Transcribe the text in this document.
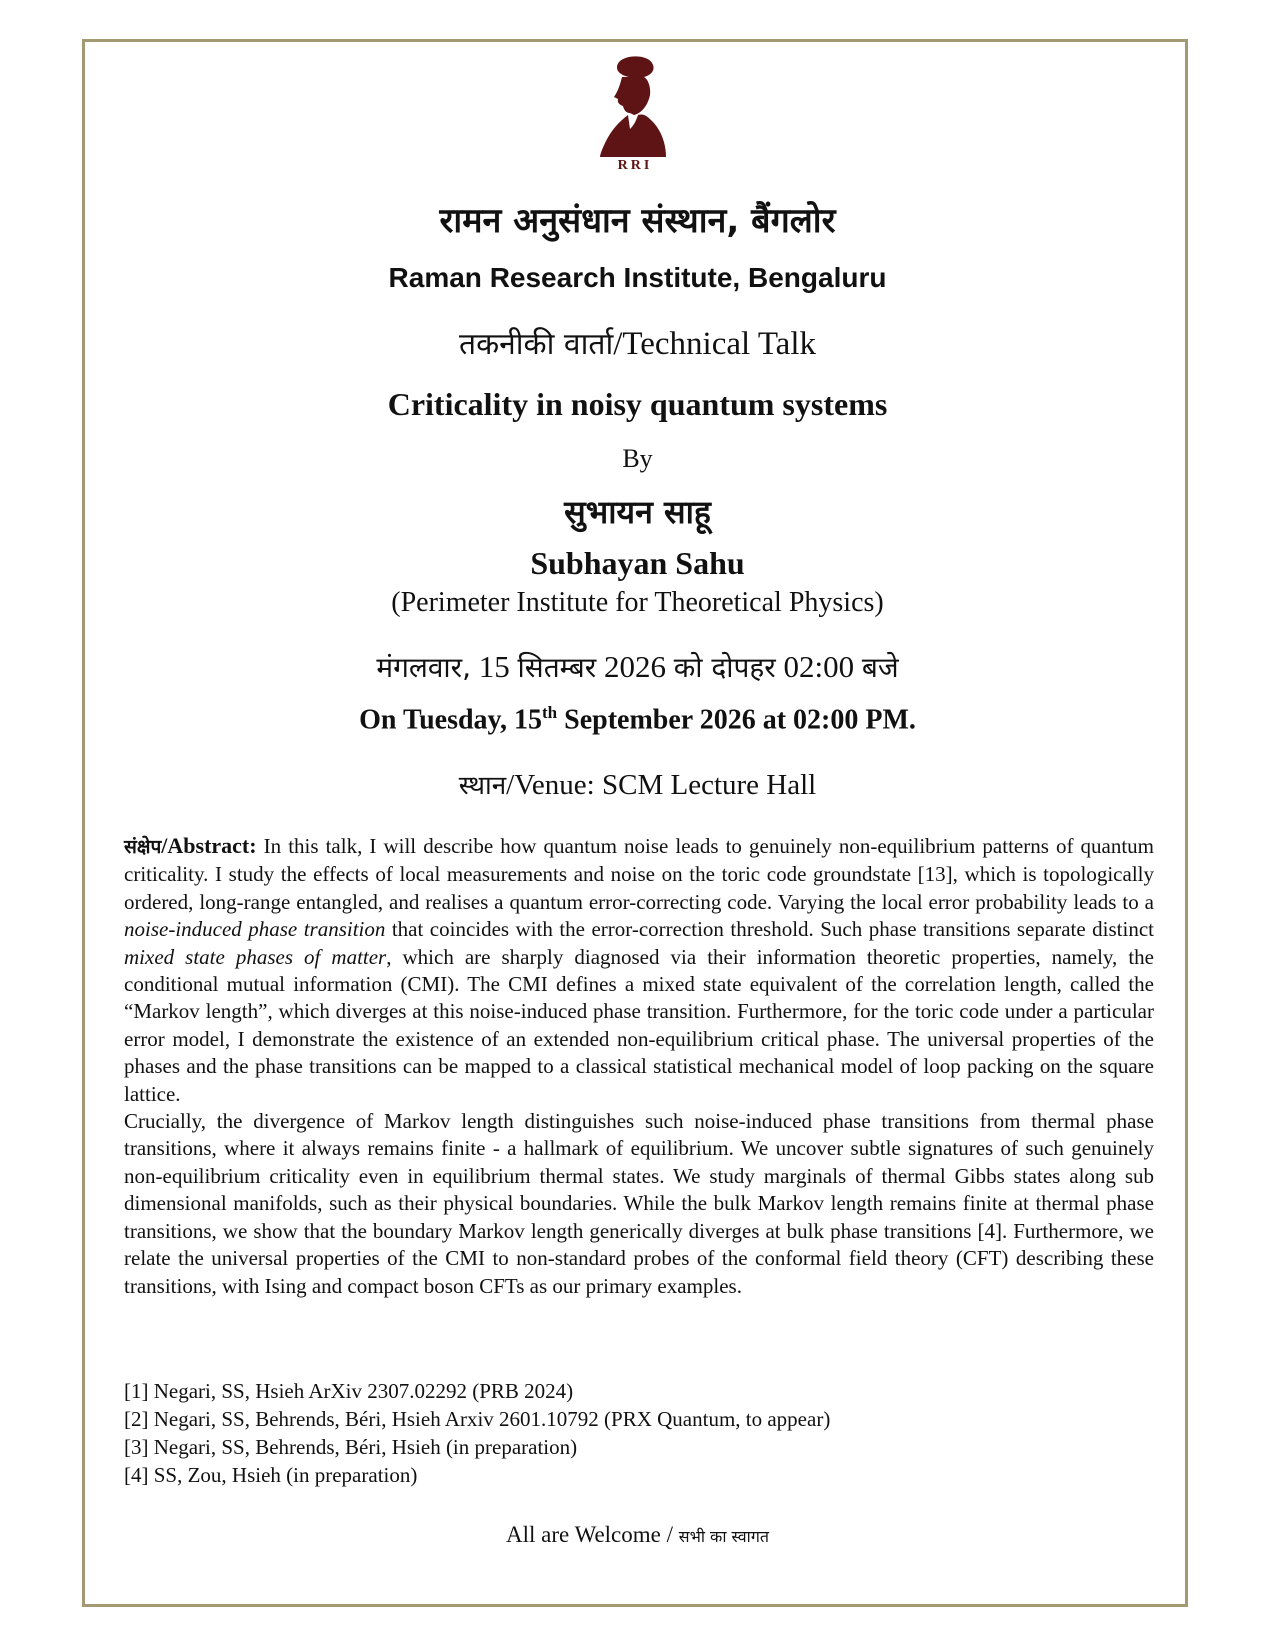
RRI
रामन अनुसंधान संस्थान, बैंगलोर
Raman Research Institute, Bengaluru
तकनीकी वार्ता/Technical Talk
Criticality in noisy quantum systems
By
सुभायन साहू
Subhayan Sahu
(Perimeter Institute for Theoretical Physics)
मंगलवार, 15 सितम्बर 2026 को दोपहर 02:00 बजे
On Tuesday, 15th September 2026 at 02:00 PM.
स्थान/Venue: SCM Lecture Hall

संक्षेप/Abstract: In this talk, I will describe how quantum noise leads to genuinely non-equilibrium patterns of quantum criticality. I study the effects of local measurements and noise on the toric code groundstate [13], which is topologically ordered, long-range entangled, and realises a quantum error-correcting code. Varying the local error probability leads to a noise-induced phase transition that coincides with the error-correction threshold. Such phase transitions separate distinct mixed state phases of matter, which are sharply diagnosed via their information theoretic properties, namely, the conditional mutual information (CMI). The CMI defines a mixed state equivalent of the correlation length, called the “Markov length”, which diverges at this noise-induced phase transition. Furthermore, for the toric code under a particular error model, I demonstrate the existence of an extended non-equilibrium critical phase. The universal properties of the phases and the phase transitions can be mapped to a classical statistical mechanical model of loop packing on the square lattice.

Crucially, the divergence of Markov length distinguishes such noise-induced phase transitions from thermal phase transitions, where it always remains finite - a hallmark of equilibrium. We uncover subtle signatures of such genuinely non-equilibrium criticality even in equilibrium thermal states. We study marginals of thermal Gibbs states along sub dimensional manifolds, such as their physical boundaries. While the bulk Markov length remains finite at thermal phase transitions, we show that the boundary Markov length generically diverges at bulk phase transitions [4]. Furthermore, we relate the universal properties of the CMI to non-standard probes of the conformal field theory (CFT) describing these transitions, with Ising and compact boson CFTs as our primary examples.

[1] Negari, SS, Hsieh ArXiv 2307.02292 (PRB 2024)
[2] Negari, SS, Behrends, Béri, Hsieh Arxiv 2601.10792 (PRX Quantum, to appear)
[3] Negari, SS, Behrends, Béri, Hsieh (in preparation)
[4] SS, Zou, Hsieh (in preparation)
All are Welcome / सभी का स्वागत
